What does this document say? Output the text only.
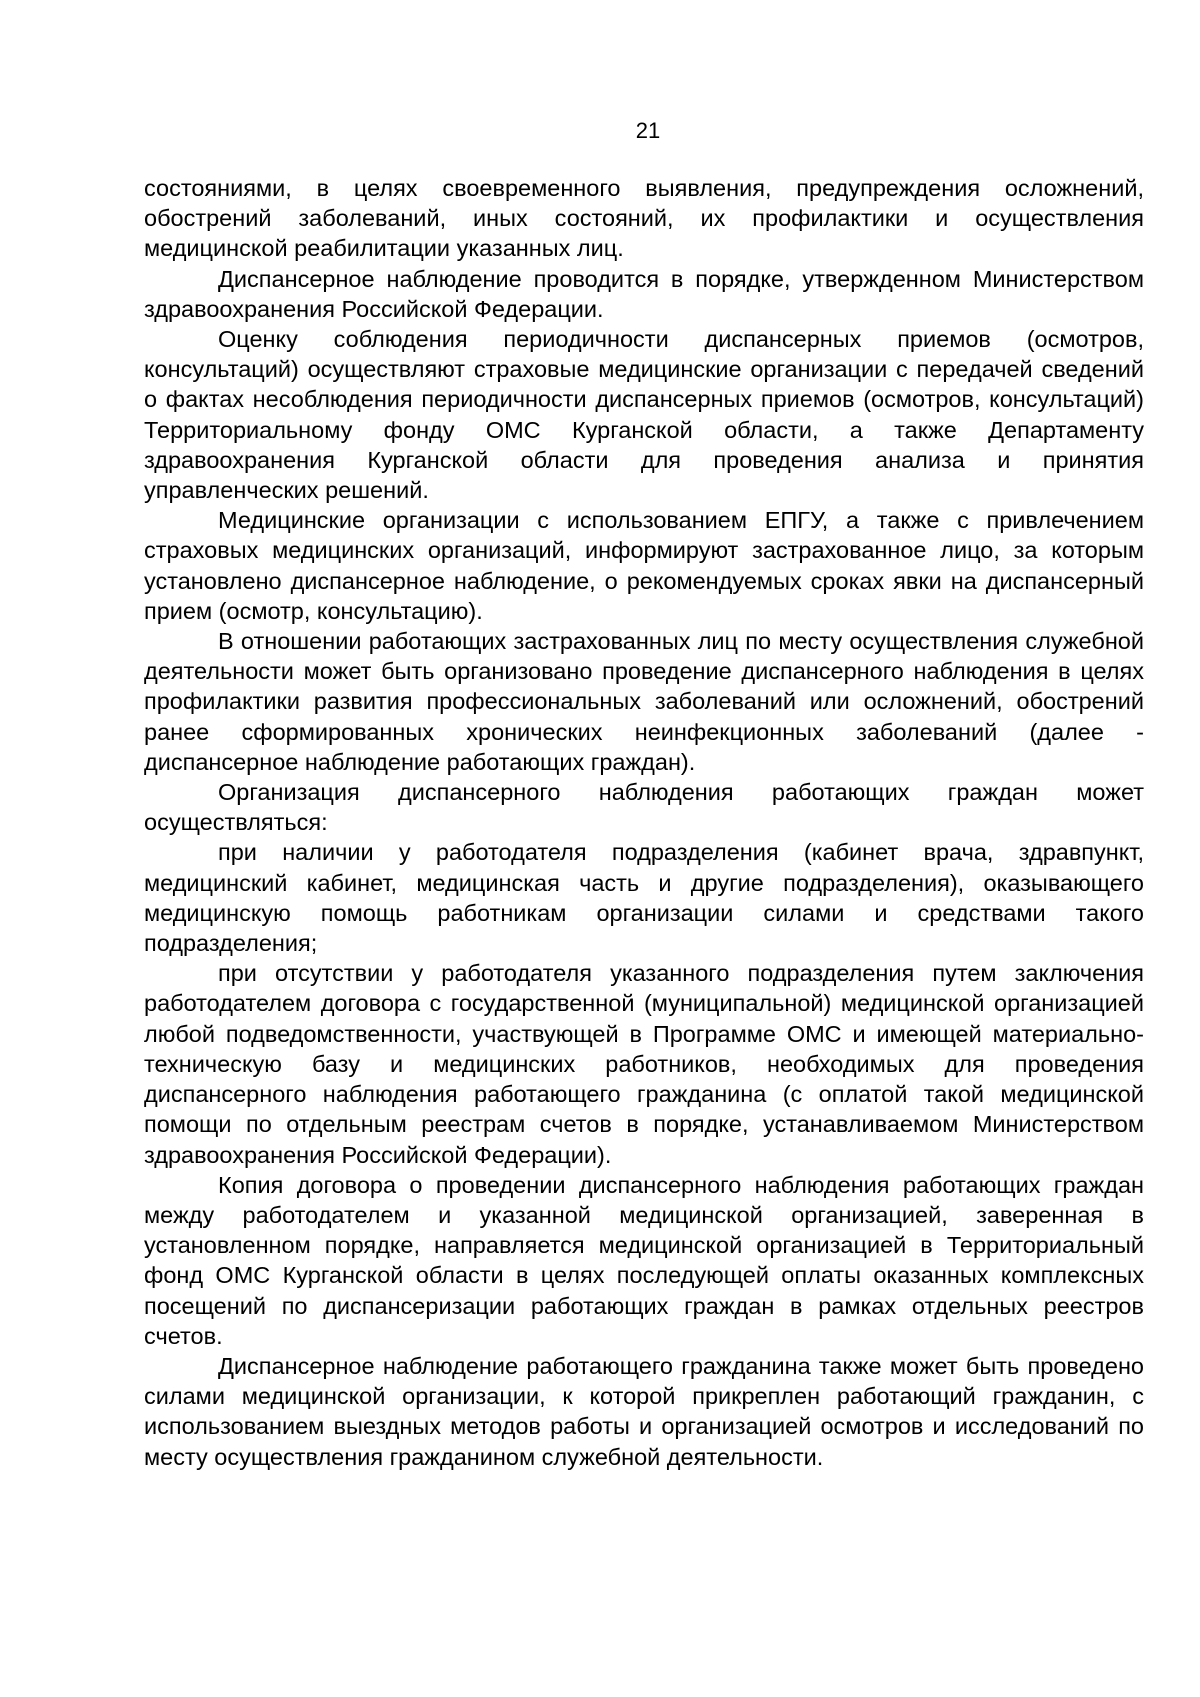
21

состояниями, в целях своевременного выявления, предупреждения осложнений, обострений заболеваний, иных состояний, их профилактики и осуществления медицинской реабилитации указанных лиц.

Диспансерное наблюдение проводится в порядке, утвержденном Министерством здравоохранения Российской Федерации.

Оценку соблюдения периодичности диспансерных приемов (осмотров, консультаций) осуществляют страховые медицинские организации с передачей сведений о фактах несоблюдения периодичности диспансерных приемов (осмотров, консультаций) Территориальному фонду ОМС Курганской области, а также Департаменту здравоохранения Курганской области для проведения анализа и принятия управленческих решений.

Медицинские организации с использованием ЕПГУ, а также с привлечением страховых медицинских организаций, информируют застрахованное лицо, за которым установлено диспансерное наблюдение, о рекомендуемых сроках явки на диспансерный прием (осмотр, консультацию).

В отношении работающих застрахованных лиц по месту осуществления служебной деятельности может быть организовано проведение диспансерного наблюдения в целях профилактики развития профессиональных заболеваний или осложнений, обострений ранее сформированных хронических неинфекционных заболеваний (далее - диспансерное наблюдение работающих граждан).

Организация диспансерного наблюдения работающих граждан может осуществляться:

при наличии у работодателя подразделения (кабинет врача, здравпункт, медицинский кабинет, медицинская часть и другие подразделения), оказывающего медицинскую помощь работникам организации силами и средствами такого подразделения;

при отсутствии у работодателя указанного подразделения путем заключения работодателем договора с государственной (муниципальной) медицинской организацией любой подведомственности, участвующей в Программе ОМС и имеющей материально-техническую базу и медицинских работников, необходимых для проведения диспансерного наблюдения работающего гражданина (с оплатой такой медицинской помощи по отдельным реестрам счетов в порядке, устанавливаемом Министерством здравоохранения Российской Федерации).

Копия договора о проведении диспансерного наблюдения работающих граждан между работодателем и указанной медицинской организацией, заверенная в установленном порядке, направляется медицинской организацией в Территориальный фонд ОМС Курганской области в целях последующей оплаты оказанных комплексных посещений по диспансеризации работающих граждан в рамках отдельных реестров счетов.

Диспансерное наблюдение работающего гражданина также может быть проведено силами медицинской организации, к которой прикреплен работающий гражданин, с использованием выездных методов работы и организацией осмотров и исследований по месту осуществления гражданином служебной деятельности.
